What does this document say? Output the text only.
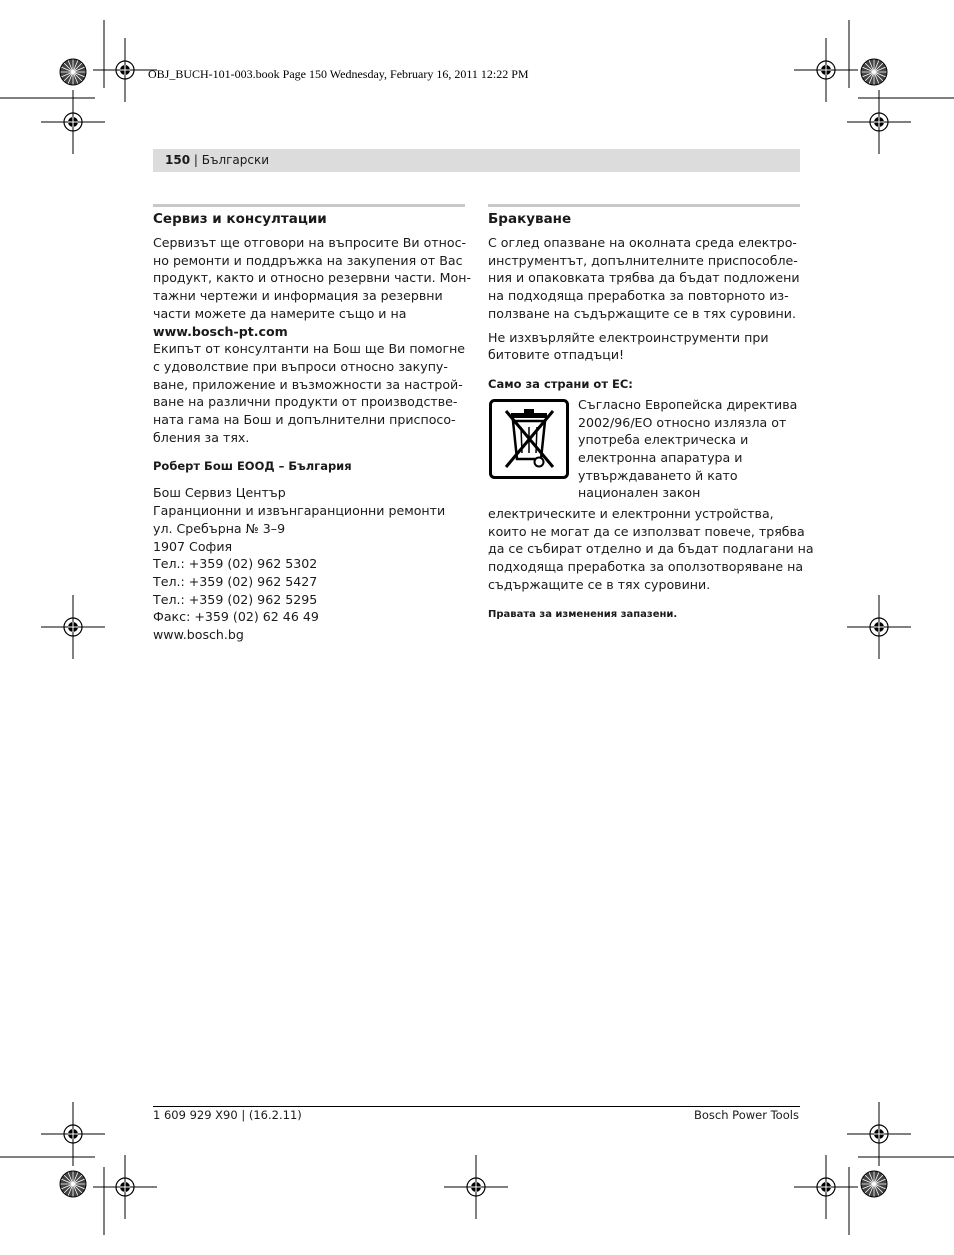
OBJ_BUCH-101-003.book Page 150 Wednesday, February 16, 2011 12:22 PM
150 | Български
Сервиз и консултации

Сервизът ще отговори на въпросите Ви относ-
но ремонти и поддръжка на закупения от Вас
продукт, както и относно резервни части. Мон-
тажни чертежи и информация за резервни
части можете да намерите също и на
www.bosch-pt.com
Екипът от консултанти на Бош ще Ви помогне
с удоволствие при въпроси относно закупу-
ване, приложение и възможности за настрой-
ване на различни продукти от производстве-
ната гама на Бош и допълнителни приспосо-
бления за тях.

Роберт Бош ЕООД – България

Бош Сервиз Център
Гаранционни и извънгаранционни ремонти
ул. Сребърна № 3–9
1907 София
Тел.: +359 (02) 962 5302
Тел.: +359 (02) 962 5427
Тел.: +359 (02) 962 5295
Факс: +359 (02) 62 46 49
www.bosch.bg

Бракуване

С оглед опазване на околната среда електро-
инструментът, допълнителните приспособле-
ния и опаковката трябва да бъдат подложени
на подходяща преработка за повторното из-
ползване на съдържащите се в тях суровини.

Не изхвърляйте електроинструменти при
битовите отпадъци!

Само за страни от ЕС:

Съгласно Европейска директива
2002/96/ЕО относно излязла от
употреба електрическа и
електронна апаратура и
утвърждаването й като
национален закон

електрическите и електронни устройства,
които не могат да се използват повече, трябва
да се събират отделно и да бъдат подлагани на
подходяща преработка за оползотворяване на
съдържащите се в тях суровини.

Правата за изменения запазени.
1 609 929 X90 | (16.2.11)	Bosch Power Tools
